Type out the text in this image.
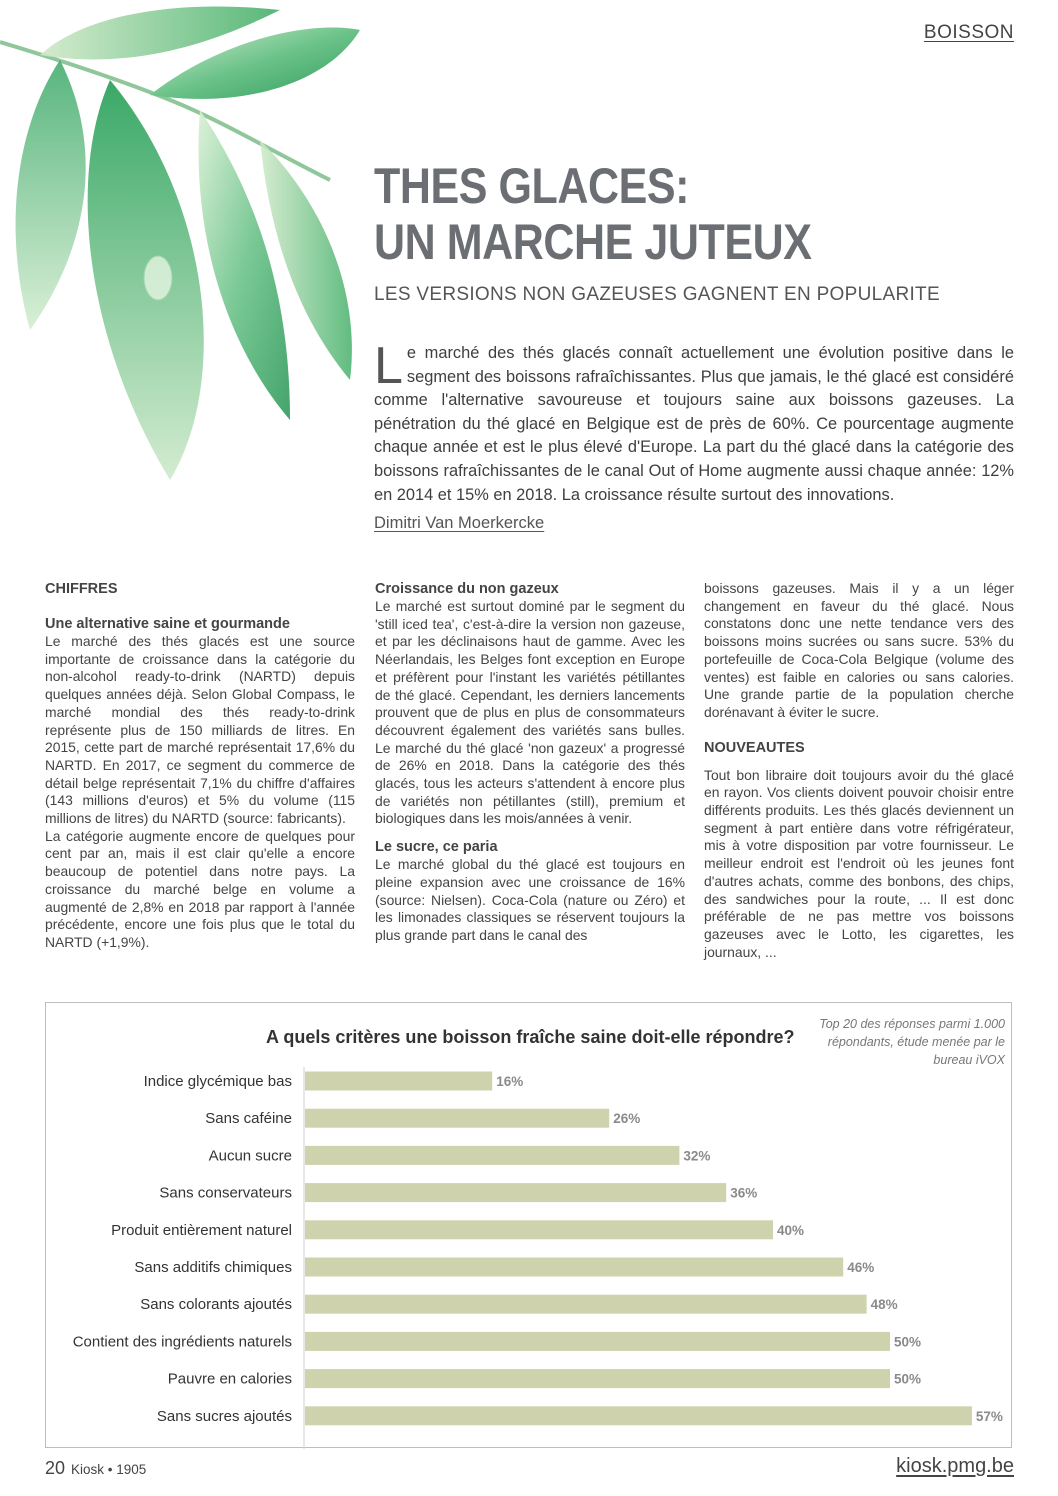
BOISSON
THES GLACES:
UN MARCHE JUTEUX
LES VERSIONS NON GAZEUSES GAGNENT EN POPULARITE
Le marché des thés glacés connaît actuellement une évolution positive dans le segment des boissons rafraîchissantes. Plus que jamais, le thé glacé est considéré comme l'alternative savoureuse et toujours saine aux boissons gazeuses. La pénétration du thé glacé en Belgique est de près de 60%. Ce pourcentage augmente chaque année et est le plus élevé d'Europe. La part du thé glacé dans la catégorie des boissons rafraîchissantes de le canal Out of Home augmente aussi chaque année: 12% en 2014 et 15% en 2018. La croissance résulte surtout des innovations.
Dimitri Van Moerkercke
CHIFFRES
Une alternative saine et gourmande

Le marché des thés glacés est une source importante de croissance dans la catégorie du non-alcohol ready-to-drink (NARTD) depuis quelques années déjà. Selon Global Compass, le marché mondial des thés ready-to-drink représente plus de 150 milliards de litres. En 2015, cette part de marché représentait 17,6% du NARTD. En 2017, ce segment du commerce de détail belge représentait 7,1% du chiffre d'affaires (143 millions d'euros) et 5% du volume (115 millions de litres) du NARTD (source: fabricants).

La catégorie augmente encore de quelques pour cent par an, mais il est clair qu'elle a encore beaucoup de potentiel dans notre pays. La croissance du marché belge en volume a augmenté de 2,8% en 2018 par rapport à l'année précédente, encore une fois plus que le total du NARTD (+1,9%).

Croissance du non gazeux

Le marché est surtout dominé par le segment du 'still iced tea', c'est-à-dire la version non gazeuse, et par les déclinaisons haut de gamme. Avec les Néerlandais, les Belges font exception en Europe et préfèrent pour l'instant les variétés pétillantes de thé glacé. Cependant, les derniers lancements prouvent que de plus en plus de consommateurs découvrent également des variétés sans bulles. Le marché du thé glacé 'non gazeux' a progressé de 26% en 2018. Dans la catégorie des thés glacés, tous les acteurs s'attendent à encore plus de variétés non pétillantes (still), premium et biologiques dans les mois/années à venir.

Le sucre, ce paria

Le marché global du thé glacé est toujours en pleine expansion avec une croissance de 16% (source: Nielsen). Coca-Cola (nature ou Zéro) et les limonades classiques se réservent toujours la plus grande part dans le canal des

boissons gazeuses. Mais il y a un léger changement en faveur du thé glacé. Nous constatons donc une nette tendance vers des boissons moins sucrées ou sans sucre. 53% du portefeuille de Coca-Cola Belgique (volume des ventes) est faible en calories ou sans calories. Une grande partie de la population cherche dorénavant à éviter le sucre.

NOUVEAUTES

Tout bon libraire doit toujours avoir du thé glacé en rayon. Vos clients doivent pouvoir choisir entre différents produits. Les thés glacés deviennent un segment à part entière dans votre réfrigérateur, mis à votre disposition par votre fournisseur. Le meilleur endroit est l'endroit où les jeunes font d'autres achats, comme des bonbons, des chips, des sandwiches pour la route, ... Il est donc préférable de ne pas mettre vos boissons gazeuses avec le Lotto, les cigarettes, les journaux, ...

A quels critères une boisson fraîche saine doit-elle répondre?
Top 20 des réponses parmi 1.000 répondants, étude menée par le bureau iVOX
Indice glycémique bas	16%
Sans caféine	26%
Aucun sucre	32%
Sans conservateurs	36%
Produit entièrement naturel	40%
Sans additifs chimiques	46%
Sans colorants ajoutés	48%
Contient des ingrédients naturels	50%
Pauvre en calories	50%
Sans sucres ajoutés	57%
20 Kiosk • 1905	kiosk.pmg.be
